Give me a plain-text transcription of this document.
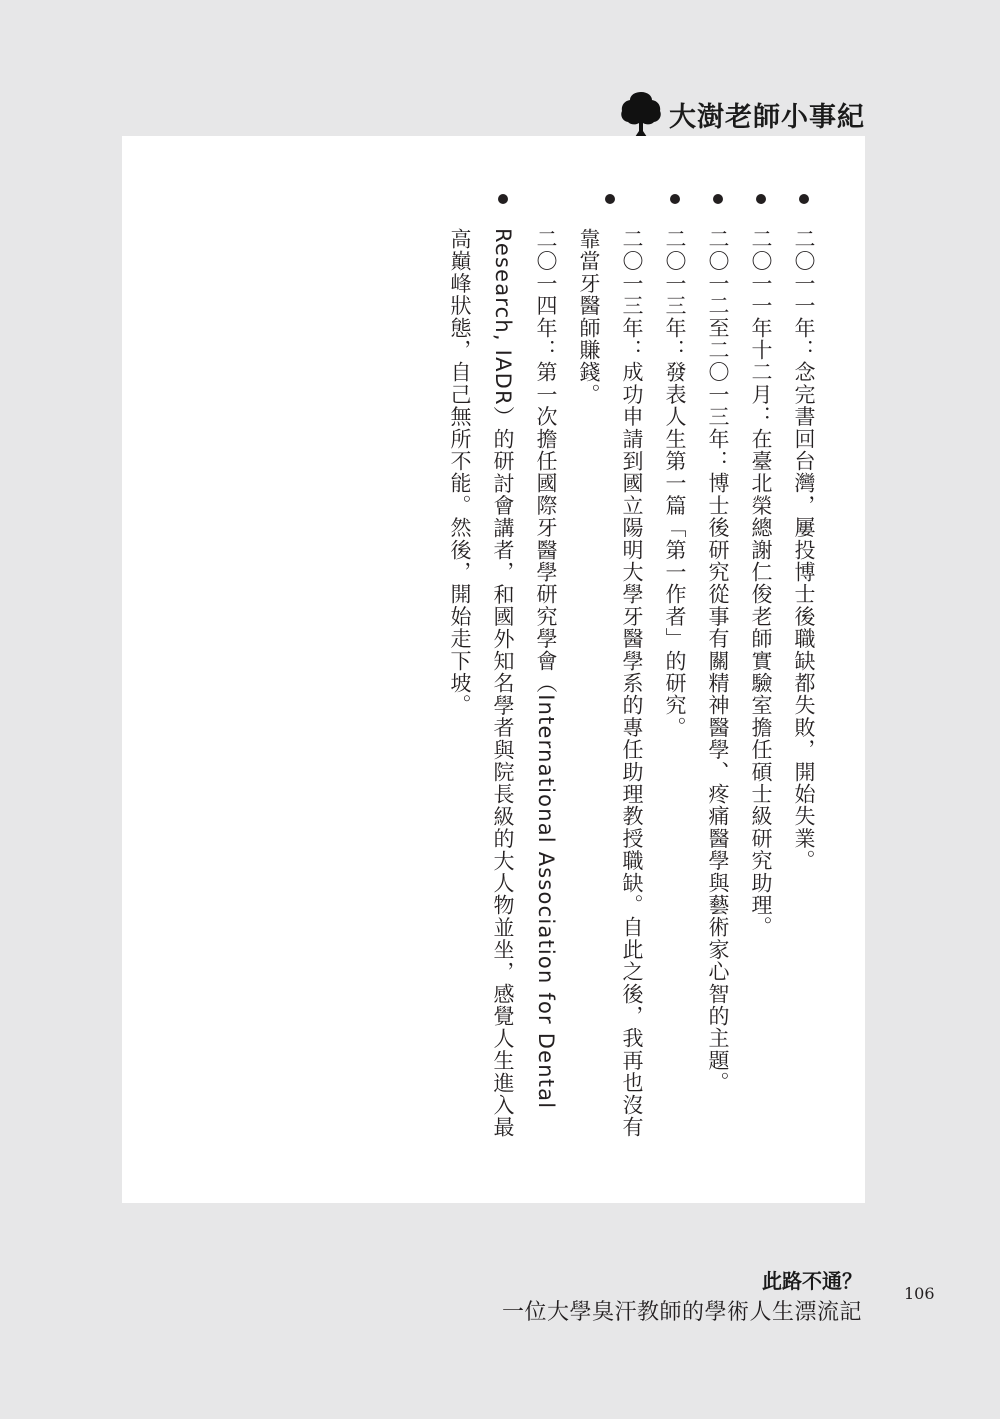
大澍老師小事紀

二〇一一年：念完書回台灣，屢投博士後職缺都失敗，開始失業。

二〇一一年十二月：在臺北榮總謝仁俊老師實驗室擔任碩士級研究助理。

二〇一二至二〇一三年：博士後研究從事有關精神醫學、疼痛醫學與藝術家心智的主題。

二〇一三年：發表人生第一篇「第一作者」的研究。

二〇一三年：成功申請到國立陽明大學牙醫學系的專任助理教授職缺。自此之後，我再也沒有靠當牙醫師賺錢。

二〇一四年：第一次擔任國際牙醫學研究學會（International Association for Dental Research, IADR）的研討會講者，和國外知名學者與院長級的大人物並坐，感覺人生進入最高巔峰狀態，自己無所不能。然後，開始走下坡。

此路不通？
一位大學臭汗教師的學術人生漂流記
106
